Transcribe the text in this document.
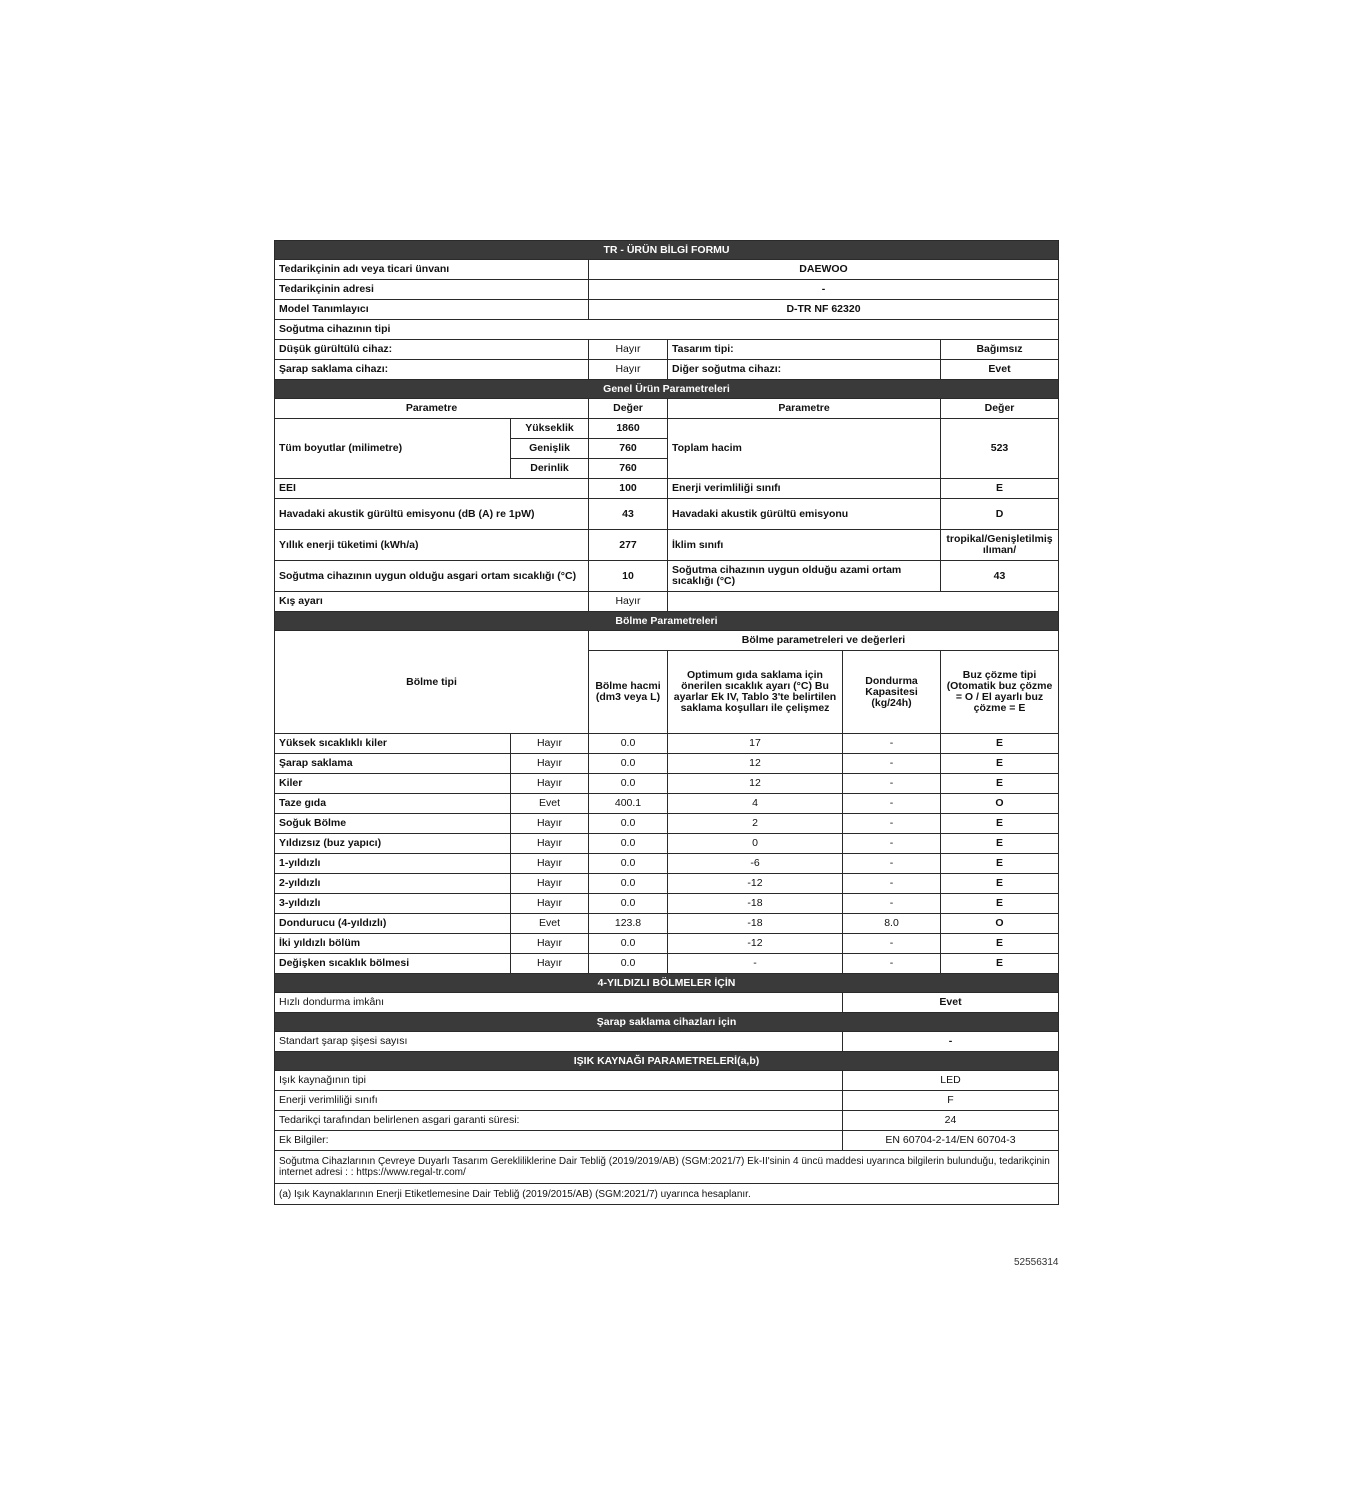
TR - ÜRÜN BİLGİ FORMU					
Tedarikçinin adı veya ticari ünvanı		DAEWOO			
Tedarikçinin adresi		-			
Model Tanımlayıcı		D-TR NF 62320			
Soğutma cihazının tipi					
Düşük gürültülü cihaz:		Hayır	Tasarım tipi:		Bağımsız
Şarap saklama cihazı:		Hayır	Diğer soğutma cihazı:		Evet
Genel Ürün Parametreleri					
Parametre		Değer	Parametre		Değer
Tüm boyutlar (milimetre)	Yükseklik	1860	Toplam hacim		523
	Genişlik	760			
	Derinlik	760			
EEI		100	Enerji verimliliği sınıfı		E
Havadaki akustik gürültü emisyonu (dB (A) re 1pW)		43	Havadaki akustik gürültü emisyonu		D
Yıllık enerji tüketimi (kWh/a)		277	İklim sınıfı		tropikal/Genişletilmiş ılıman/
Soğutma cihazının uygun olduğu asgari ortam sıcaklığı (°C)		10	Soğutma cihazının uygun olduğu azami ortam sıcaklığı (°C)		43
Kış ayarı		Hayır			
Bölme Parametreleri					
Bölme tipi		Bölme parametreleri ve değerleri			
		Bölme hacmi (dm3 veya L)	Optimum gıda saklama için önerilen sıcaklık ayarı (°C) Bu ayarlar Ek IV, Tablo 3'te belirtilen saklama koşulları ile çelişmez	Dondurma Kapasitesi (kg/24h)	Buz çözme tipi (Otomatik buz çözme = O / El ayarlı buz çözme = E
Yüksek sıcaklıklı kiler	Hayır	0.0	17	-	E
Şarap saklama	Hayır	0.0	12	-	E
Kiler	Hayır	0.0	12	-	E
Taze gıda	Evet	400.1	4	-	O
Soğuk Bölme	Hayır	0.0	2	-	E
Yıldızsız (buz yapıcı)	Hayır	0.0	0	-	E
1-yıldızlı	Hayır	0.0	-6	-	E
2-yıldızlı	Hayır	0.0	-12	-	E
3-yıldızlı	Hayır	0.0	-18	-	E
Dondurucu (4-yıldızlı)	Evet	123.8	-18	8.0	O
İki yıldızlı bölüm	Hayır	0.0	-12	-	E
Değişken sıcaklık bölmesi	Hayır	0.0	-	-	E
4-YILDIZLI BÖLMELER İÇİN					
Hızlı dondurma imkânı				Evet	
Şarap saklama cihazları için					
Standart şarap şişesi sayısı				-	
IŞIK KAYNAĞI PARAMETRELERİ(a,b)					
Işık kaynağının tipi				LED	
Enerji verimliliği sınıfı				F	
Tedarikçi tarafından belirlenen asgari garanti süresi:				24	
Ek Bilgiler:				EN 60704-2-14/EN 60704-3	
Soğutma Cihazlarının Çevreye Duyarlı Tasarım Gerekliliklerine Dair Tebliğ (2019/2019/AB) (SGM:2021/7) Ek-II'sinin 4 üncü maddesi uyarınca bilgilerin bulunduğu, tedarikçinin internet adresi : : https://www.regal-tr.com/					
(a) Işık Kaynaklarının Enerji Etiketlemesine Dair Tebliğ (2019/2015/AB) (SGM:2021/7) uyarınca hesaplanır.					
52556314
